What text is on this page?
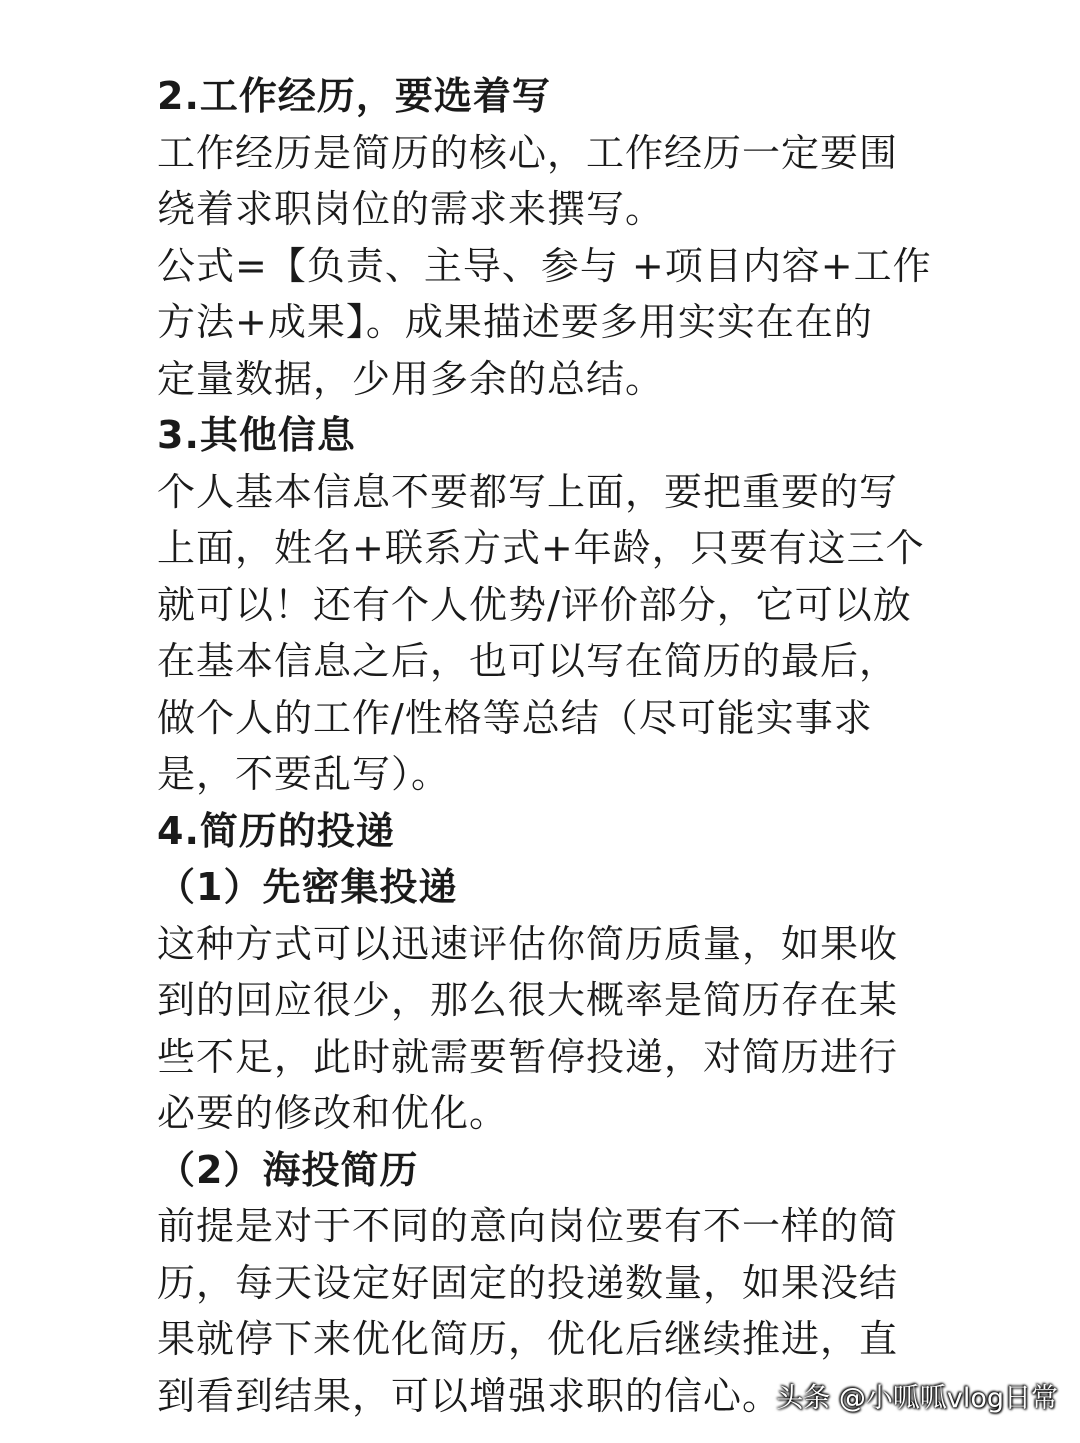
2.工作经历，要选着写
工作经历是简历的核心，工作经历一定要围
绕着求职岗位的需求来撰写。
公式=【负责、主导、参与 +项目内容+工作
方法+成果】。成果描述要多用实实在在的
定量数据，少用多余的总结。
3.其他信息
个人基本信息不要都写上面，要把重要的写
上面，姓名+联系方式+年龄，只要有这三个
就可以！还有个人优势/评价部分，它可以放
在基本信息之后，也可以写在简历的最后，
做个人的工作/性格等总结（尽可能实事求
是，不要乱写）。
4.简历的投递
（1）先密集投递
这种方式可以迅速评估你简历质量，如果收
到的回应很少，那么很大概率是简历存在某
些不足，此时就需要暂停投递，对简历进行
必要的修改和优化。
（2）海投简历
前提是对于不同的意向岗位要有不一样的简
历，每天设定好固定的投递数量，如果没结
果就停下来优化简历，优化后继续推进，直
到看到结果，可以增强求职的信心。
头条 @小呱呱vlog日常
